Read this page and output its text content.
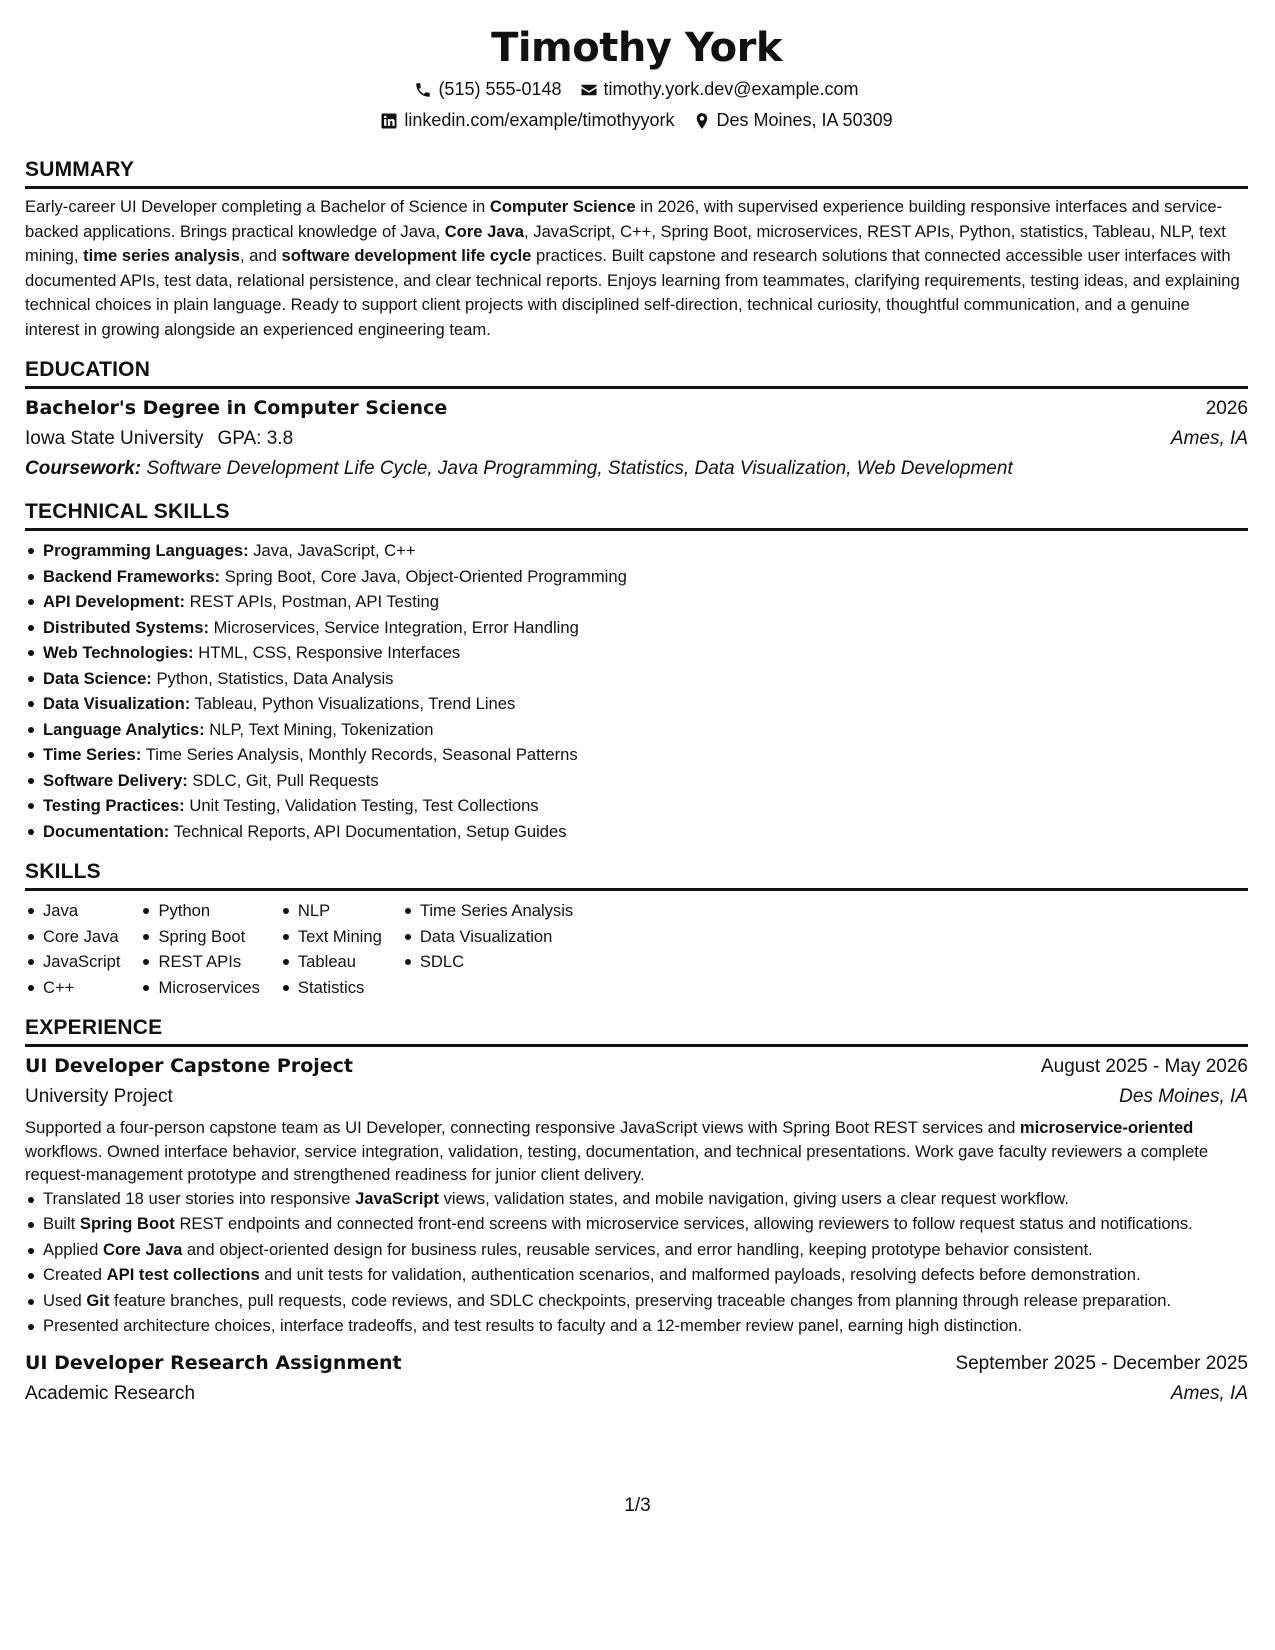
Timothy York
(515) 555-0148 timothy.york.dev@example.com
linkedin.com/example/timothyyork Des Moines, IA 50309
SUMMARY
Early-career UI Developer completing a Bachelor of Science in Computer Science in 2026, with supervised experience building responsive interfaces and service-backed applications. Brings practical knowledge of Java, Core Java, JavaScript, C++, Spring Boot, microservices, REST APIs, Python, statistics, Tableau, NLP, text mining, time series analysis, and software development life cycle practices. Built capstone and research solutions that connected accessible user interfaces with documented APIs, test data, relational persistence, and clear technical reports. Enjoys learning from teammates, clarifying requirements, testing ideas, and explaining technical choices in plain language. Ready to support client projects with disciplined self-direction, technical curiosity, thoughtful communication, and a genuine interest in growing alongside an experienced engineering team.
EDUCATION
Bachelor's Degree in Computer Science	2026
Iowa State University GPA: 3.8	Ames, IA
Coursework: Software Development Life Cycle, Java Programming, Statistics, Data Visualization, Web Development
TECHNICAL SKILLS
Programming Languages: Java, JavaScript, C++
Backend Frameworks: Spring Boot, Core Java, Object-Oriented Programming
API Development: REST APIs, Postman, API Testing
Distributed Systems: Microservices, Service Integration, Error Handling
Web Technologies: HTML, CSS, Responsive Interfaces
Data Science: Python, Statistics, Data Analysis
Data Visualization: Tableau, Python Visualizations, Trend Lines
Language Analytics: NLP, Text Mining, Tokenization
Time Series: Time Series Analysis, Monthly Records, Seasonal Patterns
Software Delivery: SDLC, Git, Pull Requests
Testing Practices: Unit Testing, Validation Testing, Test Collections
Documentation: Technical Reports, API Documentation, Setup Guides
SKILLS
Java
Core Java
JavaScript
C++
Python
Spring Boot
REST APIs
Microservices
NLP
Text Mining
Tableau
Statistics
Time Series Analysis
Data Visualization
SDLC
EXPERIENCE
UI Developer Capstone Project	August 2025 - May 2026
University Project	Des Moines, IA
Supported a four-person capstone team as UI Developer, connecting responsive JavaScript views with Spring Boot REST services and microservice-oriented workflows. Owned interface behavior, service integration, validation, testing, documentation, and technical presentations. Work gave faculty reviewers a complete request-management prototype and strengthened readiness for junior client delivery.
Translated 18 user stories into responsive JavaScript views, validation states, and mobile navigation, giving users a clear request workflow.
Built Spring Boot REST endpoints and connected front-end screens with microservice services, allowing reviewers to follow request status and notifications.
Applied Core Java and object-oriented design for business rules, reusable services, and error handling, keeping prototype behavior consistent.
Created API test collections and unit tests for validation, authentication scenarios, and malformed payloads, resolving defects before demonstration.
Used Git feature branches, pull requests, code reviews, and SDLC checkpoints, preserving traceable changes from planning through release preparation.
Presented architecture choices, interface tradeoffs, and test results to faculty and a 12-member review panel, earning high distinction.
UI Developer Research Assignment	September 2025 - December 2025
Academic Research	Ames, IA
1/3
